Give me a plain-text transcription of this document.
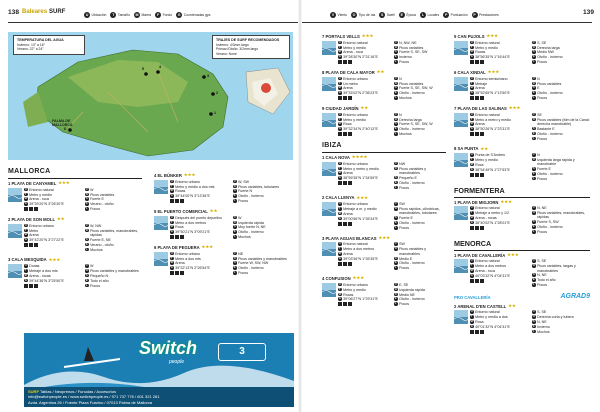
138 Baleares SURF	U Ubicación	T Tamaño	M Marea	F Fondo	G Coordenadas gps
TEMPERATURA DEL AGUA
Invierno: 13° a 16°
Verano: 22° a 24°
TRAJES DE SURF RECOMENDADOS
Invierno: 4/3mm largo
Primav./Otoño: 3/2mm largo
Verano: None
PALMA DE MALLORCA
1
2
3
4
5
6
MALLORCA
1 PLAYA DE CANYAMEL ★★★
U Entorno natural
T Metro y medio
M Arena - roca
G 39°39'20"N 3°26'30"E
V W
O Picos variables
S Fuerte E
E Verano - otoño
L Pocos
2 PLAYA DE SON MOLL ★★
U Entorno urbano
T Metro
M Arena
G 39°42'20"N 3°27'22"E
V W, NW
O Picos variables, manobrables, rápidas
S Fuerte E, NE
E Verano - otoño
L Muchos
3 CALA MESQUIDA ★★★
U Dunas
T Metraje a dos mts
M Arena - rocas
G 39°44'36"N 3°25'50"E
V W
O Picos variables y manobrables
S Pequeño N
E Todo el año
L Pocos
4 EL BÚNKER ★★★
U Entorno urbano
T Metro y medio a dos mts
M Rocas
G 39°44'00"N 3°13'36"E
V W, SW
O Picos variables, tubulares
S Fuerte N
E Otoño - invierno
L Pocos
5 EL PUERTO COMERCIAL ★★
U Después del puerto deportivo
T Metro a dos metros
M Roca
G 39°50'21"N 3°09'21"E
V W
O Izquierda rápida
S Muy fuerte N, NE
E Otoño - invierno
L Muchos
6 PLAYA DE PEGUERA ★★★
U Entorno urbano
T Metro a dos mts
M Arena
G 39°32'13"N 2°26'54"E
V NE
O Picos variables y manobrables
S Fuerte W, SW, NW
E Otoño - invierno
L Pocos
Switch
people
3
SURF Tablas / Neoprenos / Funudas / Accesorios
info@switchpeople.es / www.switchpeople.es / 971 737 776 / 601 321 261
Avda. Argentina 26 / Fuente Plaza Fuarino / 07013 Palma de Mallorca
V Viento	O Tipo de ola	S Swell	E Época	L Locales	P Puntuación	P Prestaciones	139
7 PORTALS VELLS ★★★
U Entorno natural
T Metro y medio
M Arena - roca
G 39°28'30"N 2°31'16"E
V N, NW, NE
O Picos variables
S Fuerte S, SE, SW
E Invierno
L Pocos
8 PLAYA DE CALA MAYOR ★★
U Entorno urbano
T Un metro
M Arena
G 39°33'02"N 2°36'23"E
V N
O Picos variables
S Fuerte S, SE, SW, W
E Otoño - invierno
L Muchos
9 CIUDAD JARDÍN ★★
U Entorno urbano
T Metro y medio
M Roca
G 39°32'34"N 2°40'13"E
V N
O Derecha larga
S Fuerte S, SE, SW, W
E Otoño - invierno
L Muchos
IBIZA
1 CALA NOVA ★★★★
U Entorno urbano
T Metro y metro y medio
M Arena
G 38°59'35"N 1°34'59"E
V NW
O Picos variables y manobrables
S Pequeño E
E Otoño - invierno
L Pocos
2 CALA LLENYA ★★★
U Entorno urbano
T Metraje a m. y medio
M Arena
G 39°00'56"N 1°35'34"E
V SW
O Picos rápidos, cilíndricas, manobrables, tubulares
S Fuerte E
E Otoño - invierno
L Pocos
3 PLAYA AGUAS BLANCAS ★★★
U Entorno natural
T Metro a dos metros
M Arena
G 39°03'36"N 1°35'35"E
V SW
O Picos variables y manobrables
S Medio E
E Otoño - invierno
L Pocos
4 CONFUSION ★★★
U Entorno urbano
T Metro y medio
M Rocas
G 39°06'27"N 1°29'31"E
V E, SE
O Izquierda rápida
S Medio NE
E Otoño - invierno
L Pocos
5 CAN PUJOLS ★★★
U Entorno natural
T Metro y medio
M Rocas
G 38°56'35"N 1°16'44"E
V S, SE
O Derecha larga
S Medio NW
E Otoño - invierno
L Pocos
6 CALA XINDAL ★★★
U Entorno semiurbano
T Metraje
M Arena
G 38°52'65"N 1°13'50"E
V N
O Picos variables
S E
E Otoño - invierno
L Pocos
7 PLAYA DE LAS SALINAS ★★★
U Entorno natural
T Metro a metro y medio
M Arena
G 38°50'26"N 1°23'31"E
V SE
O Picos variables (fdm de la Canal: derecha manobrable)
S Bastante E
E Otoño - invierno
L Pocos
8 SA PUNTA ★★
U Punta de S'Andreu
T Metro y medio
M Roca
G 38°54'49"N 1°27'53"E
V N
O Izquierda larga rápida y manobrable
S Fuerte E
E Otoño - invierno
L Pocos
FORMENTERA
1 PLAYA DE MIGJORN ★★★
U Entorno natural
T Metraje a metro y 1/2
M Arena - rocas
G 38°40'02"N 1°28'01"E
V N, NE
O Picos variables, manobrables, rápidas
S Fuerte S, SW
E Otoño - invierno
L Pocos
MENORCA
1 PLAYA DE CAVALLERÍA ★★★
U Entorno natural
T Metro a dos metros
M Arena - roca
G 40°03'32"N 4°04'31"E
V S, SE
O Picos variables, largas y manobrables
S N, NE
E Todo el año
L Pocos
PRO CAVALLERÍA	AGRAD9
2 ARENAL D'EN CASTELL ★★
U Entorno natural
T Metro y medio a dos
M Roca
G 40°01'32"N 4°04'31"E
V S, SE
O Derecha corta y tubera
S N, NE
E Invierno
L Muchos
